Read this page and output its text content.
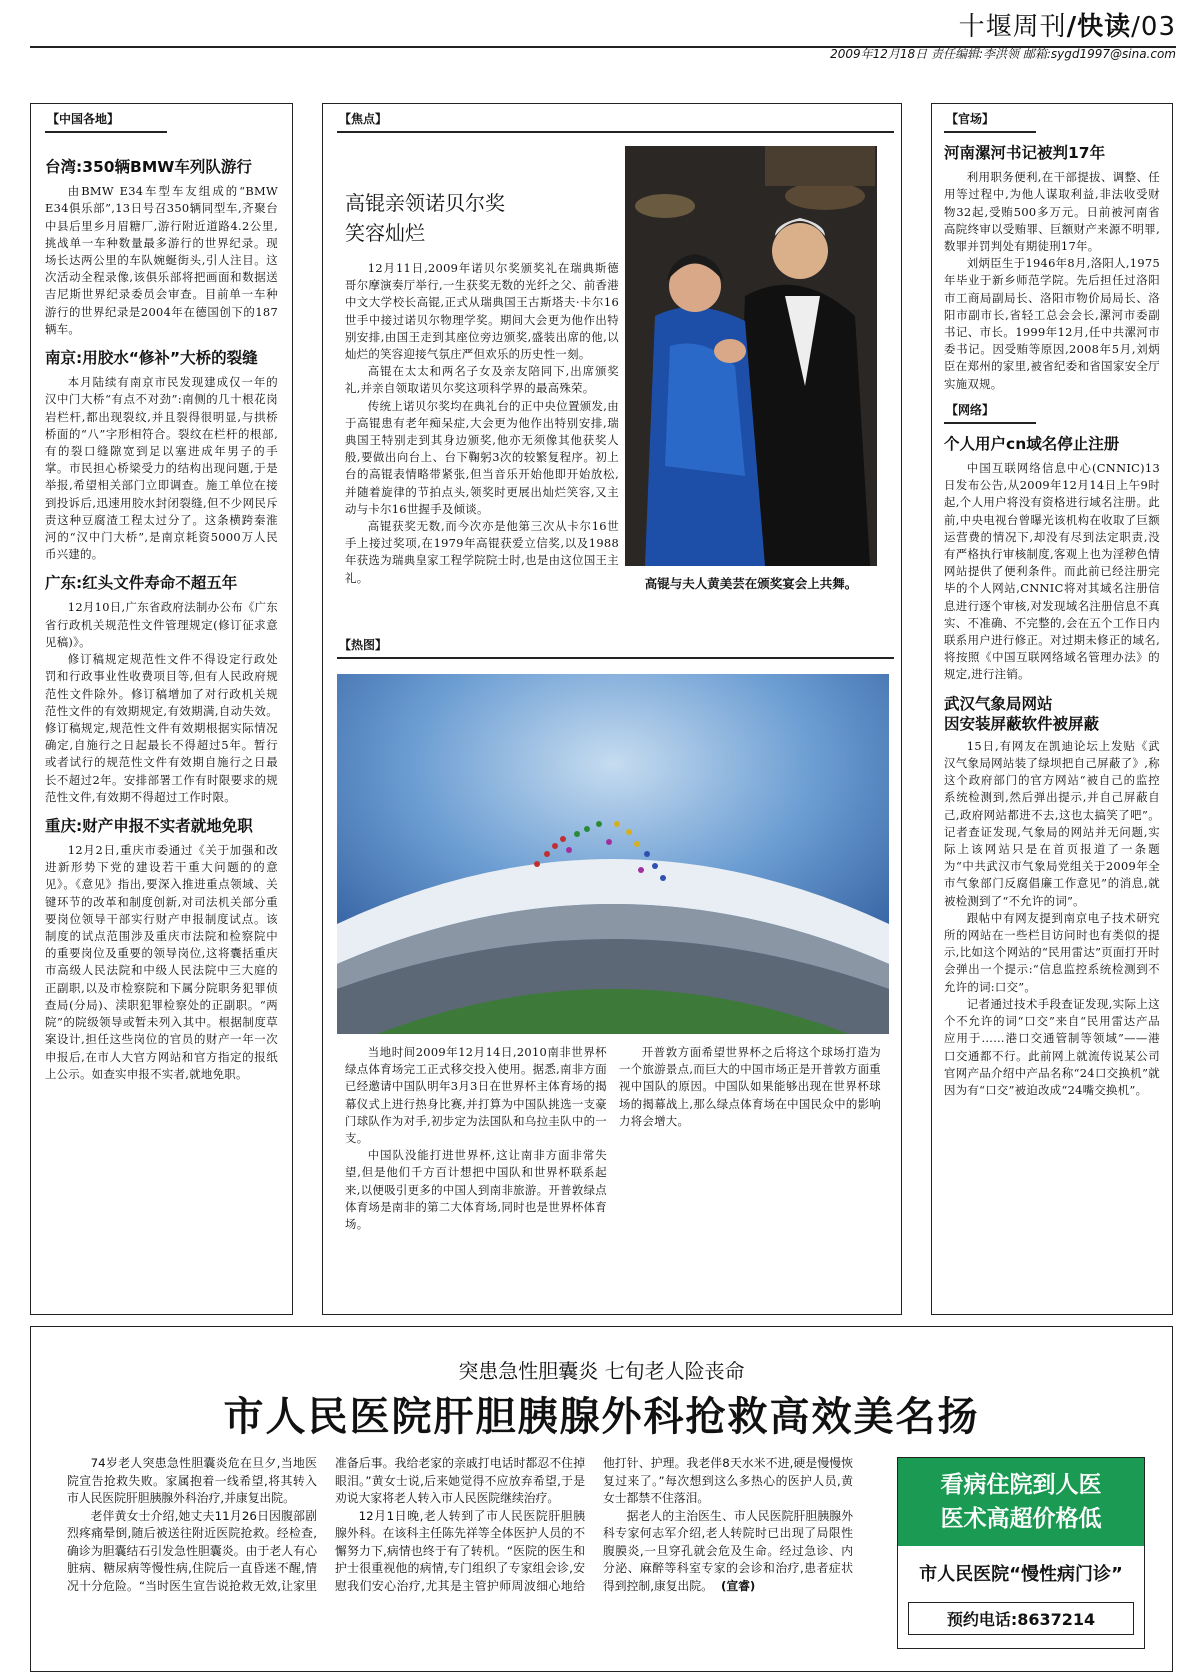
十堰周刊/快读/03
2009年12月18日 责任编辑:李洪领 邮箱:sygd1997@sina.com
【中国各地】
台湾:350辆BMW车列队游行

由BMW E34车型车友组成的“BMW E34俱乐部”,13日号召350辆同型车,齐聚台中县后里乡月眉糖厂,游行附近道路4.2公里,挑战单一车种数量最多游行的世界纪录。现场长达两公里的车队婉蜒街头,引人注目。这次活动全程录像,该俱乐部将把画面和数据送吉尼斯世界纪录委员会审查。目前单一车种游行的世界纪录是2004年在德国创下的187辆车。

南京:用胶水“修补”大桥的裂缝

本月陆续有南京市民发现建成仅一年的汉中门大桥“有点不对劲”:南侧的几十根花岗岩栏杆,都出现裂纹,并且裂得很明显,与拱桥桥面的“八”字形相符合。裂纹在栏杆的根部,有的裂口缝隙宽到足以塞进成年男子的手掌。市民担心桥梁受力的结构出现问题,于是举报,希望相关部门立即调查。施工单位在接到投诉后,迅速用胶水封闭裂缝,但不少网民斥责这种豆腐渣工程太过分了。这条横跨秦淮河的“汉中门大桥”,是南京耗资5000万人民币兴建的。

广东:红头文件寿命不超五年

12月10日,广东省政府法制办公布《广东省行政机关规范性文件管理规定(修订征求意见稿)》。

修订稿规定规范性文件不得设定行政处罚和行政事业性收费项目等,但有人民政府规范性文件除外。修订稿增加了对行政机关规范性文件的有效期规定,有效期满,自动失效。修订稿规定,规范性文件有效期根据实际情况确定,自施行之日起最长不得超过5年。暂行或者试行的规范性文件有效期自施行之日最长不超过2年。安排部署工作有时限要求的规范性文件,有效期不得超过工作时限。

重庆:财产申报不实者就地免职

12月2日,重庆市委通过《关于加强和改进新形势下党的建设若干重大问题的的意见》。《意见》指出,要深入推进重点领域、关键环节的改革和制度创新,对司法机关部分重要岗位领导干部实行财产申报制度试点。该制度的试点范围涉及重庆市法院和检察院中的重要岗位及重要的领导岗位,这将囊括重庆市高级人民法院和中级人民法院中三大庭的正副职,以及市检察院和下属分院职务犯罪侦查局(分局)、渎职犯罪检察处的正副职。“两院”的院级领导或暂未列入其中。根据制度草案设计,担任这些岗位的官员的财产一年一次申报后,在市人大官方网站和官方指定的报纸上公示。如查实申报不实者,就地免职。

【焦点】
高锟亲领诺贝尔奖
笑容灿烂

12月11日,2009年诺贝尔奖颁奖礼在瑞典斯德哥尔摩演奏厅举行,一生获奖无数的光纤之父、前香港中文大学校长高锟,正式从瑞典国王古斯塔夫·卡尔16世手中接过诺贝尔物理学奖。期间大会更为他作出特别安排,由国王走到其座位旁边颁奖,盛装出席的他,以灿烂的笑容迎接气氛庄严但欢乐的历史性一刻。

高锟在太太和两名子女及亲友陪同下,出席颁奖礼,并亲自领取诺贝尔奖这项科学界的最高殊荣。

传统上诺贝尔奖均在典礼台的正中央位置颁发,由于高锟患有老年痴呆症,大会更为他作出特别安排,瑞典国王特别走到其身边颁奖,他亦无须像其他获奖人般,要做出向台上、台下鞠躬3次的较繁复程序。初上台的高锟表情略带紧张,但当音乐开始他即开始放松,并随着旋律的节拍点头,领奖时更展出灿烂笑容,又主动与卡尔16世握手及倾谈。

高锟获奖无数,而今次亦是他第三次从卡尔16世手上接过奖项,在1979年高锟获爱立信奖,以及1988年获选为瑞典皇家工程学院院士时,也是由这位国王主礼。	高锟与夫人黄美芸在颁奖宴会上共舞。
【热图】

当地时间2009年12月14日,2010南非世界杯绿点体育场完工正式移交投入使用。据悉,南非方面已经邀请中国队明年3月3日在世界杯主体育场的揭幕仪式上进行热身比赛,并打算为中国队挑选一支豪门球队作为对手,初步定为法国队和乌拉圭队中的一支。

中国队没能打进世界杯,这让南非方面非常失望,但是他们千方百计想把中国队和世界杯联系起来,以便吸引更多的中国人到南非旅游。开普敦绿点体育场是南非的第二大体育场,同时也是世界杯体育场。

开普敦方面希望世界杯之后将这个球场打造为一个旅游景点,而巨大的中国市场正是开普敦方面重视中国队的原因。中国队如果能够出现在世界杯球场的揭幕战上,那么绿点体育场在中国民众中的影响力将会增大。

【官场】
河南漯河书记被判17年

利用职务便利,在干部提拔、调整、任用等过程中,为他人谋取利益,非法收受财物32起,受贿500多万元。日前被河南省高院终审以受贿罪、巨额财产来源不明罪,数罪并罚判处有期徒刑17年。

刘炳臣生于1946年8月,洛阳人,1975年毕业于新乡师范学院。先后担任过洛阳市工商局副局长、洛阳市物价局局长、洛阳市副市长,省轻工总会会长,漯河市委副书记、市长。1999年12月,任中共漯河市委书记。因受贿等原因,2008年5月,刘炳臣在郑州的家里,被省纪委和省国家安全厅实施双规。

【网络】
个人用户cn域名停止注册

中国互联网络信息中心(CNNIC)13日发布公告,从2009年12月14日上午9时起,个人用户将没有资格进行域名注册。此前,中央电视台曾曝光该机构在收取了巨额运营费的情况下,却没有尽到法定职责,没有严格执行审核制度,客观上也为淫秽色情网站提供了便利条件。而此前已经注册完毕的个人网站,CNNIC将对其域名注册信息进行逐个审核,对发现域名注册信息不真实、不准确、不完整的,会在五个工作日内联系用户进行修正。对过期未修正的域名,将按照《中国互联网络域名管理办法》的规定,进行注销。

武汉气象局网站
因安装屏蔽软件被屏蔽

15日,有网友在凯迪论坛上发贴《武汉气象局网站装了绿坝把自己屏蔽了》,称这个政府部门的官方网站“被自己的监控系统检测到,然后弹出提示,并自己屏蔽自己,政府网站都进不去,这也太搞笑了吧”。记者查证发现,气象局的网站并无问题,实际上该网站只是在首页报道了一条题为“中共武汉市气象局党组关于2009年全市气象部门反腐倡廉工作意见”的消息,就被检测到了“不允许的词”。

跟帖中有网友提到南京电子技术研究所的网站在一些栏目访问时也有类似的提示,比如这个网站的“民用雷达”页面打开时会弹出一个提示:“信息监控系统检测到不允许的词:口交”。

记者通过技术手段查证发现,实际上这个不允许的词“口交”来自“民用雷达产品应用于……港口交通管制等领域”——港口交通都不行。此前网上就流传说某公司官网产品介绍中产品名称“24口交换机”就因为有“口交”被迫改成“24嘴交换机”。

突患急性胆囊炎 七旬老人险丧命
市人民医院肝胆胰腺外科抢救高效美名扬

74岁老人突患急性胆囊炎危在旦夕,当地医院宣告抢救失败。家属抱着一线希望,将其转入市人民医院肝胆胰腺外科治疗,并康复出院。

老伴黄女士介绍,她丈夫11月26日因腹部剧烈疼痛晕倒,随后被送往附近医院抢救。经检查,确诊为胆囊结石引发急性胆囊炎。由于老人有心脏病、糖尿病等慢性病,住院后一直昏迷不醒,情况十分危险。“当时医生宣告说抢救无效,让家里准备后事。我给老家的亲戚打电话时都忍不住掉眼泪。”黄女士说,后来她觉得不应放弃希望,于是劝说大家将老人转入市人民医院继续治疗。

12月1日晚,老人转到了市人民医院肝胆胰腺外科。在该科主任陈先祥等全体医护人员的不懈努力下,病情也终于有了转机。“医院的医生和护士很重视他的病情,专门组织了专家组会诊,安慰我们安心治疗,尤其是主管护师周波细心地给他打针、护理。我老伴8天水米不进,硬是慢慢恢复过来了。”每次想到这么多热心的医护人员,黄女士都禁不住落泪。

据老人的主治医生、市人民医院肝胆胰腺外科专家何志军介绍,老人转院时已出现了局限性腹膜炎,一旦穿孔就会危及生命。经过急诊、内分泌、麻醉等科室专家的会诊和治疗,患者症状得到控制,康复出院。 (宣睿)

看病住院到人医
医术高超价格低
市人民医院“慢性病门诊”
预约电话:8637214
